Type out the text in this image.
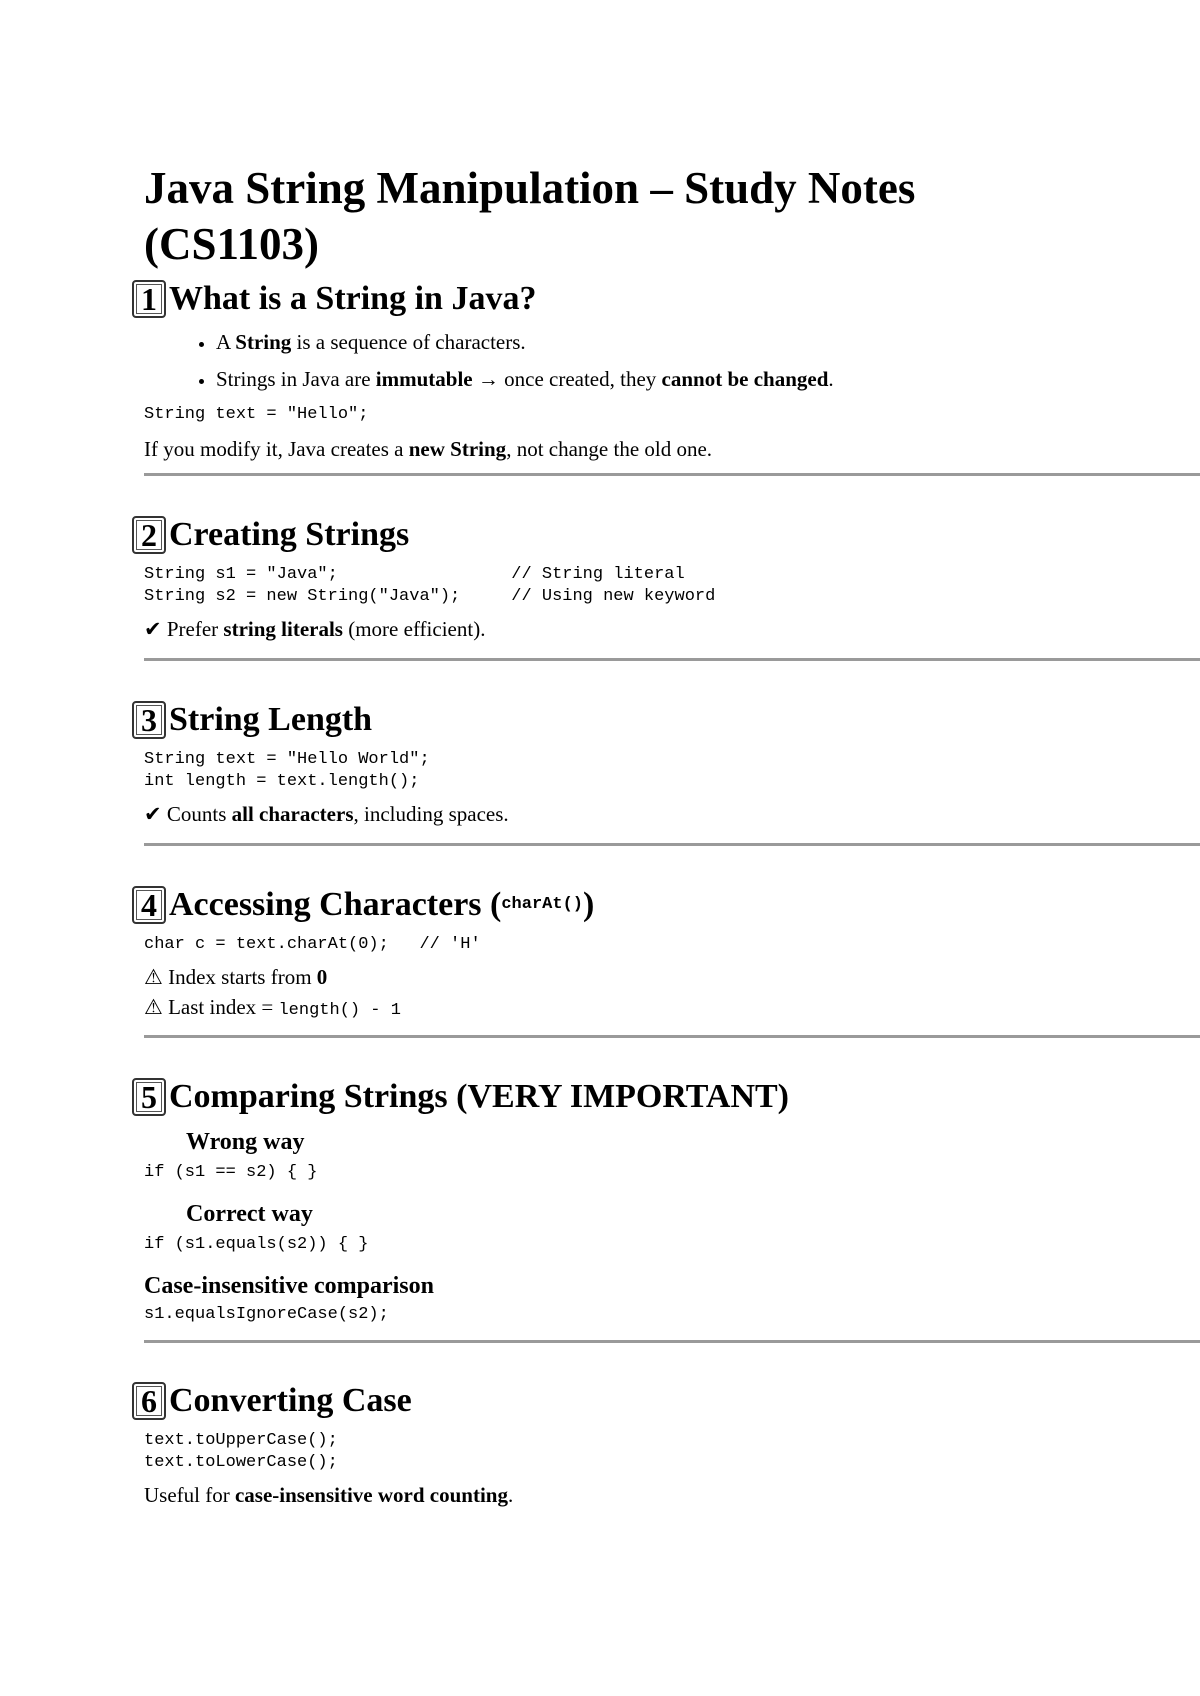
Java String Manipulation – Study Notes
(CS1103)
1 What is a String in Java?
• A String is a sequence of characters.
• Strings in Java are immutable → once created, they cannot be changed.
String text = "Hello";
If you modify it, Java creates a new String, not change the old one.
2 Creating Strings
String s1 = "Java";                 // String literal
String s2 = new String("Java");     // Using new keyword
✔ Prefer string literals (more efficient).
3 String Length
String text = "Hello World";
int length = text.length();
✔ Counts all characters, including spaces.
4 Accessing Characters ( charAt() )
char c = text.charAt(0);   // 'H'
⚠ Index starts from 0
⚠ Last index = length() - 1
5 Comparing Strings (VERY IMPORTANT)
Wrong way
if (s1 == s2) { }
Correct way
if (s1.equals(s2)) { }
Case-insensitive comparison
s1.equalsIgnoreCase(s2);
6 Converting Case
text.toUpperCase();
text.toLowerCase();
Useful for case-insensitive word counting.
